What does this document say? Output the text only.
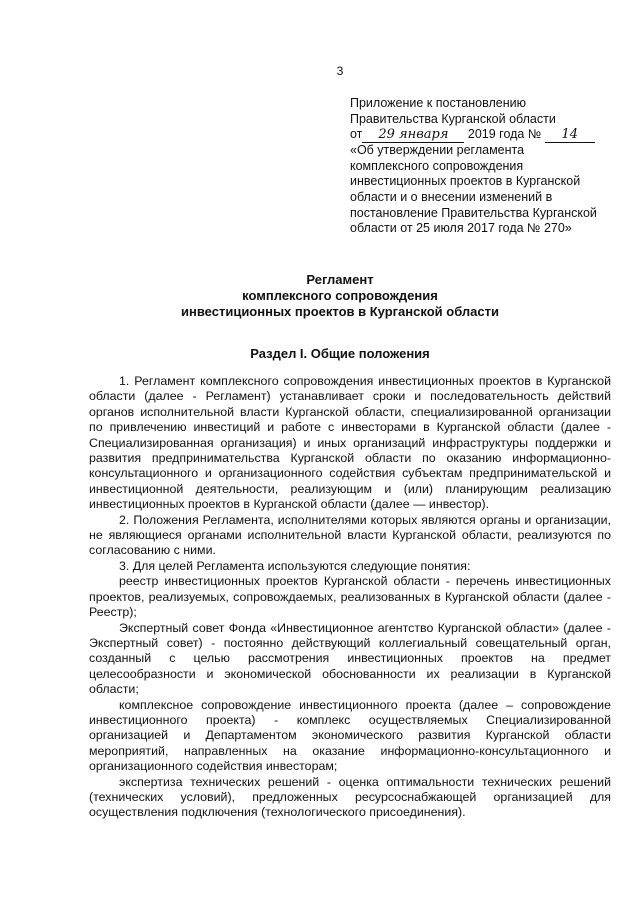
3
Приложение к постановлению
Правительства Курганской области
от 29 января 2019 года № 14
«Об утверждении регламента
комплексного сопровождения
инвестиционных проектов в Курганской
области и о внесении изменений в
постановление Правительства Курганской
области от 25 июля 2017 года № 270»
Регламент
комплексного сопровождения
инвестиционных проектов в Курганской области
Раздел I. Общие положения

1. Регламент комплексного сопровождения инвестиционных проектов в Курганской области (далее - Регламент) устанавливает сроки и последовательность действий органов исполнительной власти Курганской области, специализированной организации по привлечению инвестиций и работе с инвесторами в Курганской области (далее - Специализированная организация) и иных организаций инфраструктуры поддержки и развития предпринимательства Курганской области по оказанию информационно-консультационного и организационного содействия субъектам предпринимательской и инвестиционной деятельности, реализующим и (или) планирующим реализацию инвестиционных проектов в Курганской области (далее — инвестор).

2. Положения Регламента, исполнителями которых являются органы и организации, не являющиеся органами исполнительной власти Курганской области, реализуются по согласованию с ними.

3. Для целей Регламента используются следующие понятия:

реестр инвестиционных проектов Курганской области - перечень инвестиционных проектов, реализуемых, сопровождаемых, реализованных в Курганской области (далее - Реестр);

Экспертный совет Фонда «Инвестиционное агентство Курганской области» (далее - Экспертный совет) - постоянно действующий коллегиальный совещательный орган, созданный с целью рассмотрения инвестиционных проектов на предмет целесообразности и экономической обоснованности их реализации в Курганской области;

комплексное сопровождение инвестиционного проекта (далее – сопровождение инвестиционного проекта) - комплекс осуществляемых Специализированной организацией и Департаментом экономического развития Курганской области мероприятий, направленных на оказание информационно-консультационного и организационного содействия инвесторам;

экспертиза технических решений - оценка оптимальности технических решений (технических условий), предложенных ресурсоснабжающей организацией для осуществления подключения (технологического присоединения).
